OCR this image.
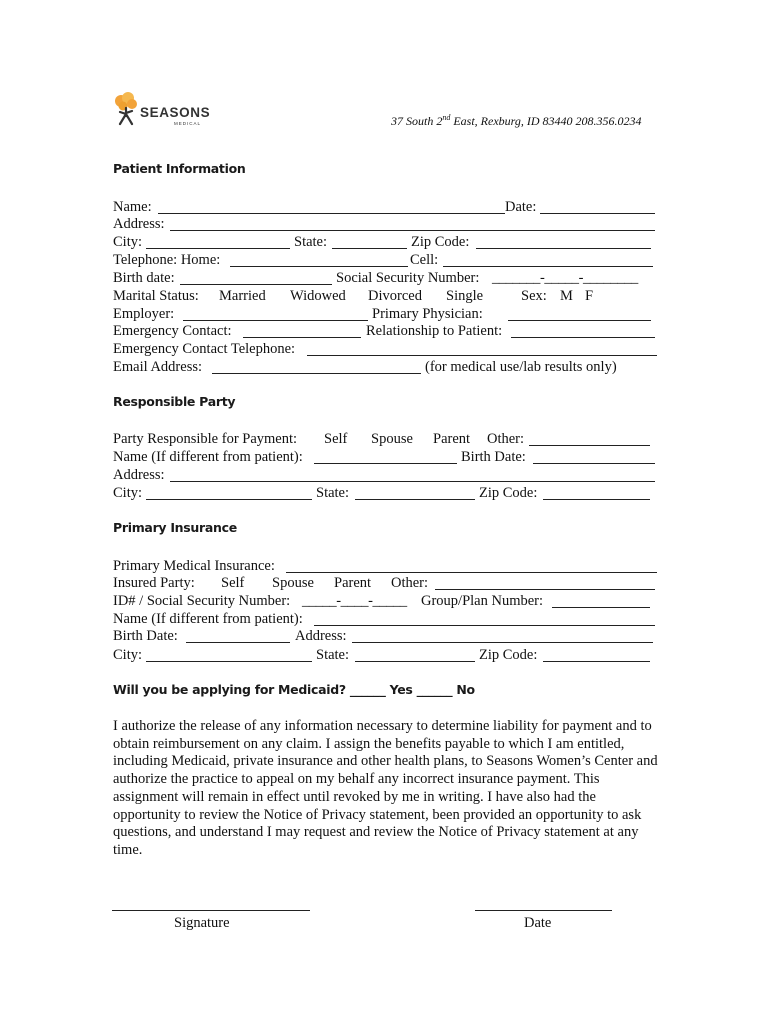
SEASONS
MEDICAL	37 South 2nd East, Rexburg, ID 83440 208.356.0234
Patient Information
Name:	Date:
Address:
City:	State:	Zip Code:
Telephone: Home:	Cell:
Birth date:	Social Security Number: _______-_____-________
Marital Status: Married Widowed Divorced Single	Sex: M F
Employer:	Primary Physician:
Emergency Contact:	Relationship to Patient:
Emergency Contact Telephone:
Email Address:	(for medical use/lab results only)
Responsible Party
Party Responsible for Payment: Self Spouse Parent Other:
Name (If different from patient):	Birth Date:
Address:
City:	State:	Zip Code:
Primary Insurance
Primary Medical Insurance:
Insured Party: Self Spouse Parent Other:
ID# / Social Security Number: _____-____-_____ Group/Plan Number:
Name (If different from patient):
Birth Date:	Address:
City:	State:	Zip Code:
Will you be applying for Medicaid? ______ Yes ______ No
I authorize the release of any information necessary to determine liability for payment and to obtain reimbursement on any claim. I assign the benefits payable to which I am entitled, including Medicaid, private insurance and other health plans, to Seasons Women’s Center and authorize the practice to appeal on my behalf any incorrect insurance payment. This assignment will remain in effect until revoked by me in writing. I have also had the opportunity to review the Notice of Privacy statement, been provided an opportunity to ask questions, and understand I may request and review the Notice of Privacy statement at any time.
Signature	Date
